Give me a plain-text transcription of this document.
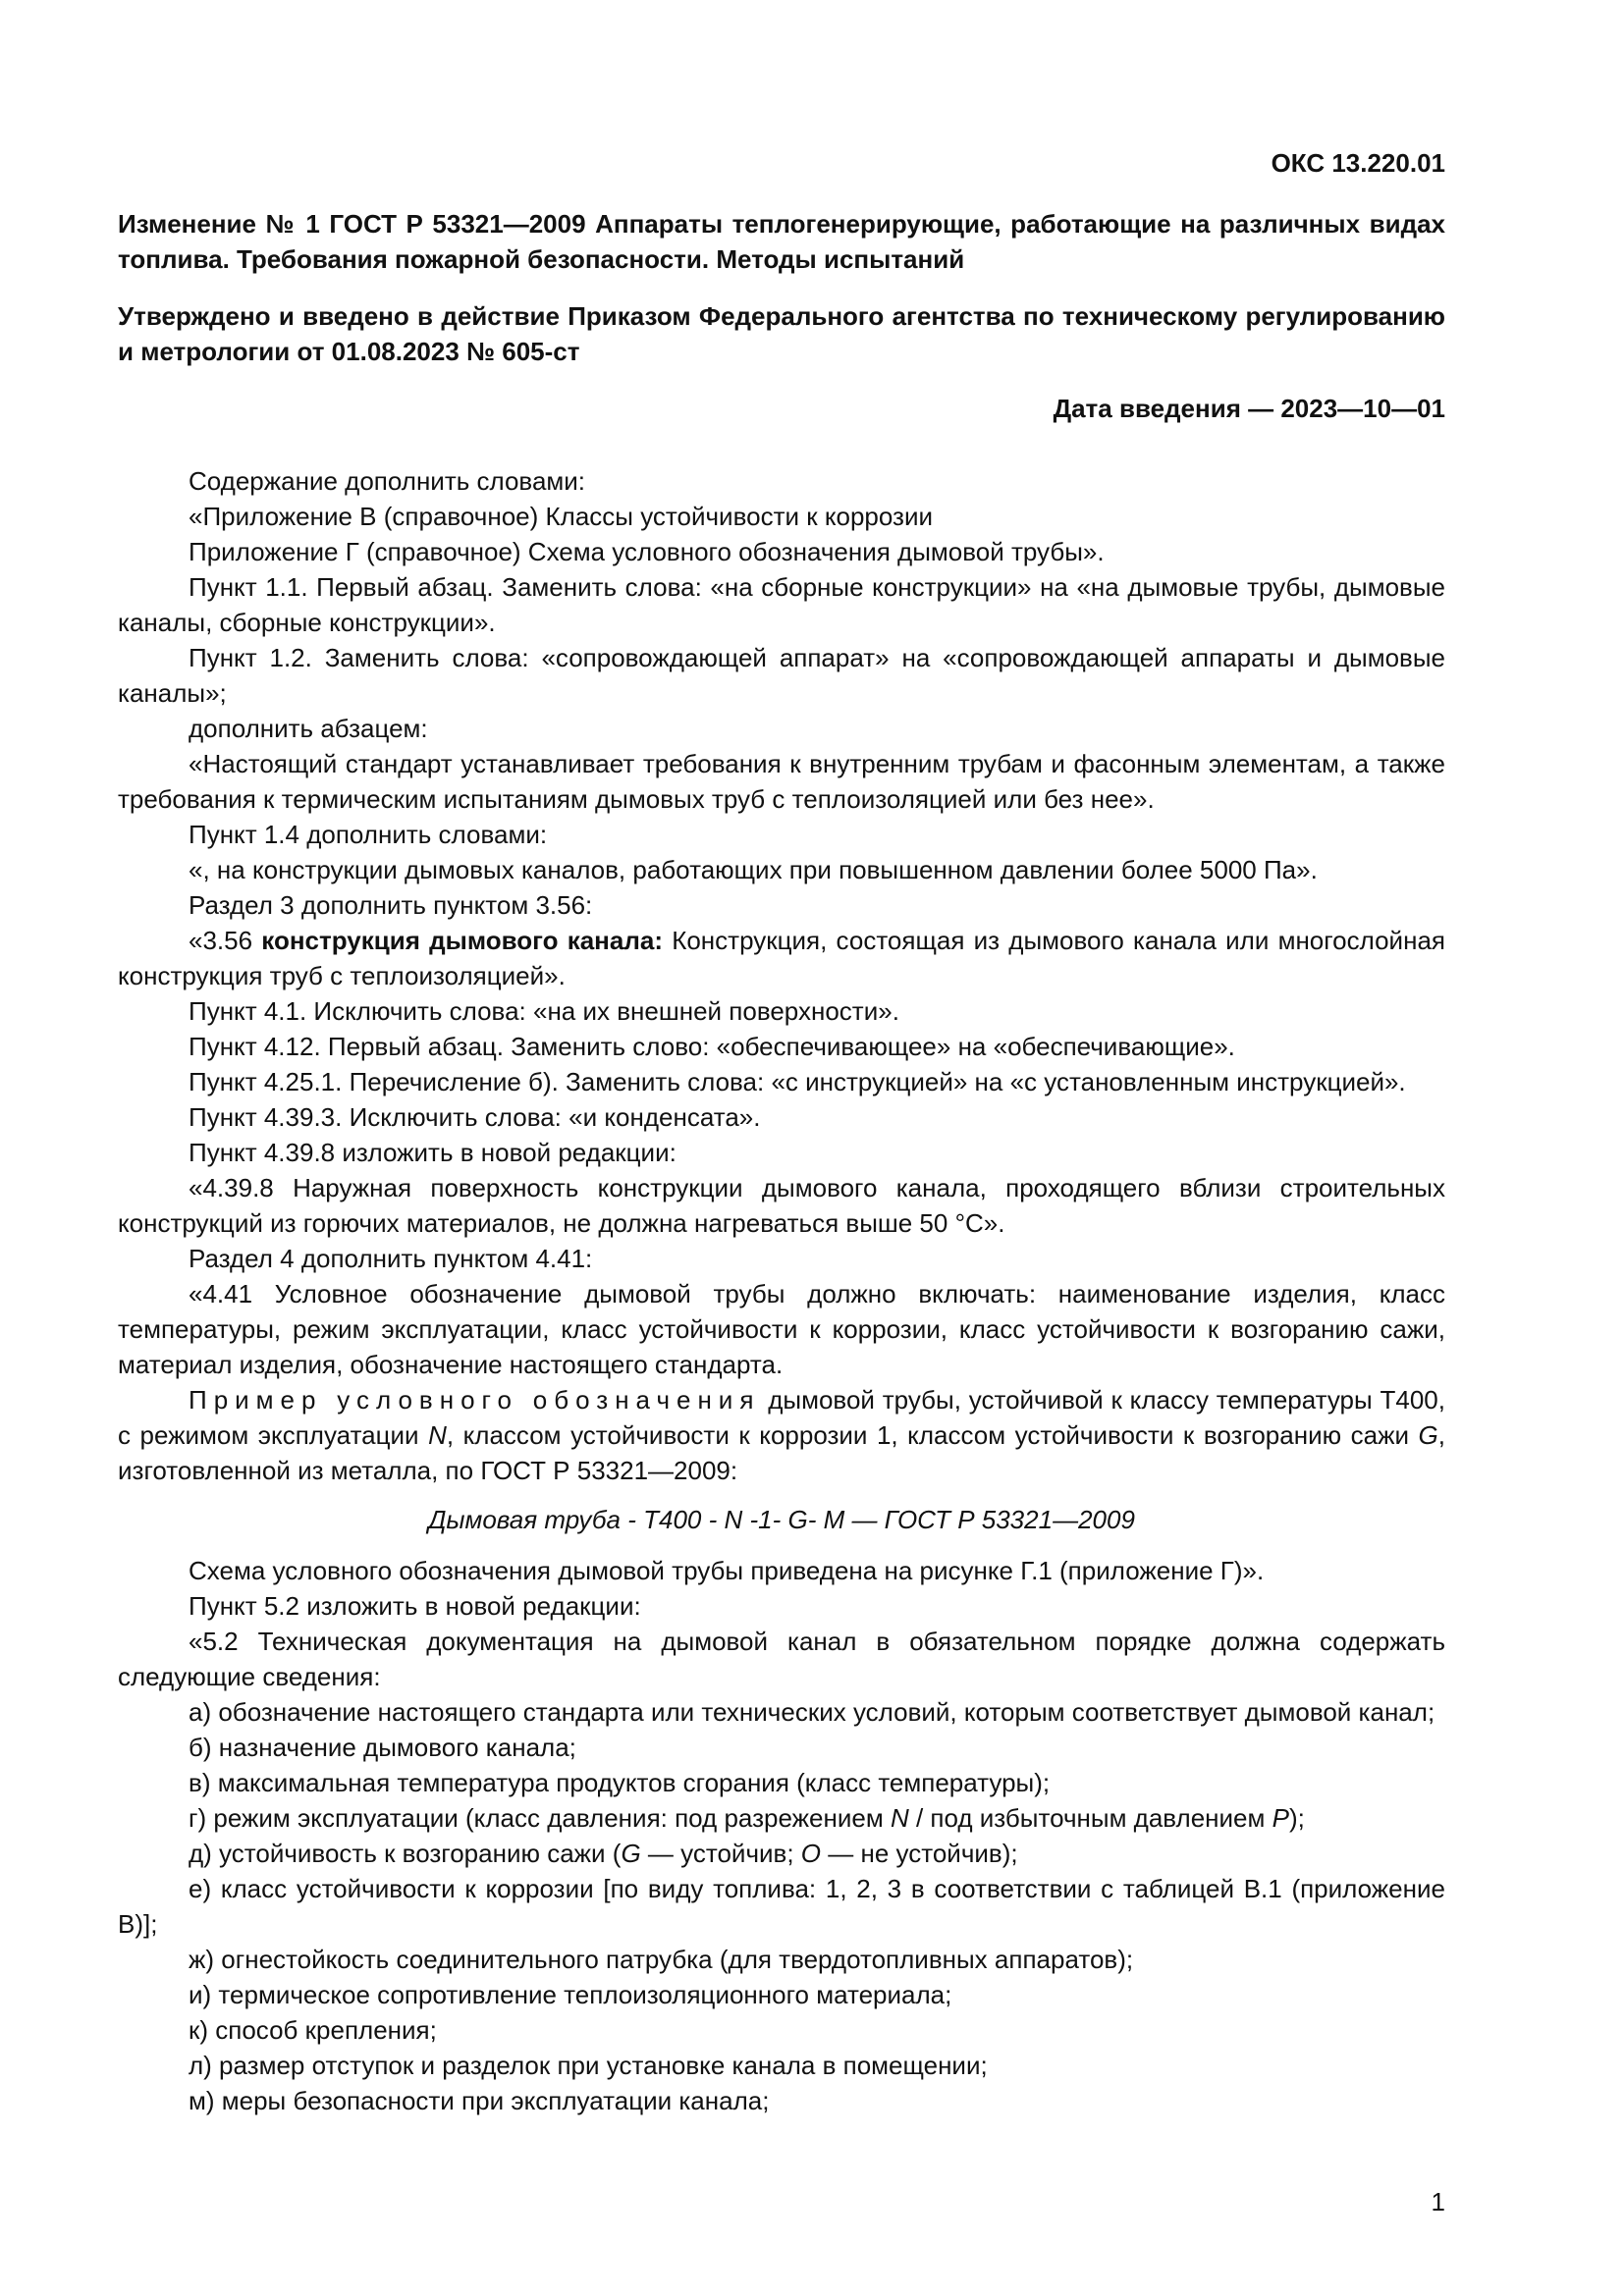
ОКС 13.220.01
Изменение № 1 ГОСТ Р 53321—2009 Аппараты теплогенерирующие, работающие на различных видах топлива. Требования пожарной безопасности. Методы испытаний
Утверждено и введено в действие Приказом Федерального агентства по техническому регулированию и метрологии от 01.08.2023 № 605-ст
Дата введения — 2023—10—01

Содержание дополнить словами:

«Приложение В (справочное) Классы устойчивости к коррозии

Приложение Г (справочное) Схема условного обозначения дымовой трубы».

Пункт 1.1. Первый абзац. Заменить слова: «на сборные конструкции» на «на дымовые трубы, дымовые каналы, сборные конструкции».

Пункт 1.2. Заменить слова: «сопровождающей аппарат» на «сопровождающей аппараты и дымовые каналы»;

дополнить абзацем:

«Настоящий стандарт устанавливает требования к внутренним трубам и фасонным элементам, а также требования к термическим испытаниям дымовых труб с теплоизоляцией или без нее».

Пункт 1.4 дополнить словами:

«, на конструкции дымовых каналов, работающих при повышенном давлении более 5000 Па».

Раздел 3 дополнить пунктом 3.56:

«3.56 конструкция дымового канала: Конструкция, состоящая из дымового канала или многослойная конструкция труб с теплоизоляцией».

Пункт 4.1. Исключить слова: «на их внешней поверхности».

Пункт 4.12. Первый абзац. Заменить слово: «обеспечивающее» на «обеспечивающие».

Пункт 4.25.1. Перечисление б). Заменить слова: «с инструкцией» на «с установленным инструкцией».

Пункт 4.39.3. Исключить слова: «и конденсата».

Пункт 4.39.8 изложить в новой редакции:

«4.39.8 Наружная поверхность конструкции дымового канала, проходящего вблизи строительных конструкций из горючих материалов, не должна нагреваться выше 50 °С».

Раздел 4 дополнить пунктом 4.41:

«4.41 Условное обозначение дымовой трубы должно включать: наименование изделия, класс температуры, режим эксплуатации, класс устойчивости к коррозии, класс устойчивости к возгоранию сажи, материал изделия, обозначение настоящего стандарта.

Пример условного обозначения дымовой трубы, устойчивой к классу температуры Т400, с режимом эксплуатации N, классом устойчивости к коррозии 1, классом устойчивости к возгоранию сажи G, изготовленной из металла, по ГОСТ Р 53321—2009:

Дымовая труба - Т400 - N -1- G- M — ГОСТ Р 53321—2009

Схема условного обозначения дымовой трубы приведена на рисунке Г.1 (приложение Г)».

Пункт 5.2 изложить в новой редакции:

«5.2 Техническая документация на дымовой канал в обязательном порядке должна содержать следующие сведения:

а) обозначение настоящего стандарта или технических условий, которым соответствует дымовой канал;

б) назначение дымового канала;

в) максимальная температура продуктов сгорания (класс температуры);

г) режим эксплуатации (класс давления: под разрежением N / под избыточным давлением P);

д) устойчивость к возгоранию сажи (G — устойчив; O — не устойчив);

е) класс устойчивости к коррозии [по виду топлива: 1, 2, 3 в соответствии с таблицей В.1 (приложение В)];

ж) огнестойкость соединительного патрубка (для твердотопливных аппаратов);

и) термическое сопротивление теплоизоляционного материала;

к) способ крепления;

л) размер отступок и разделок при установке канала в помещении;

м) меры безопасности при эксплуатации канала;

1
